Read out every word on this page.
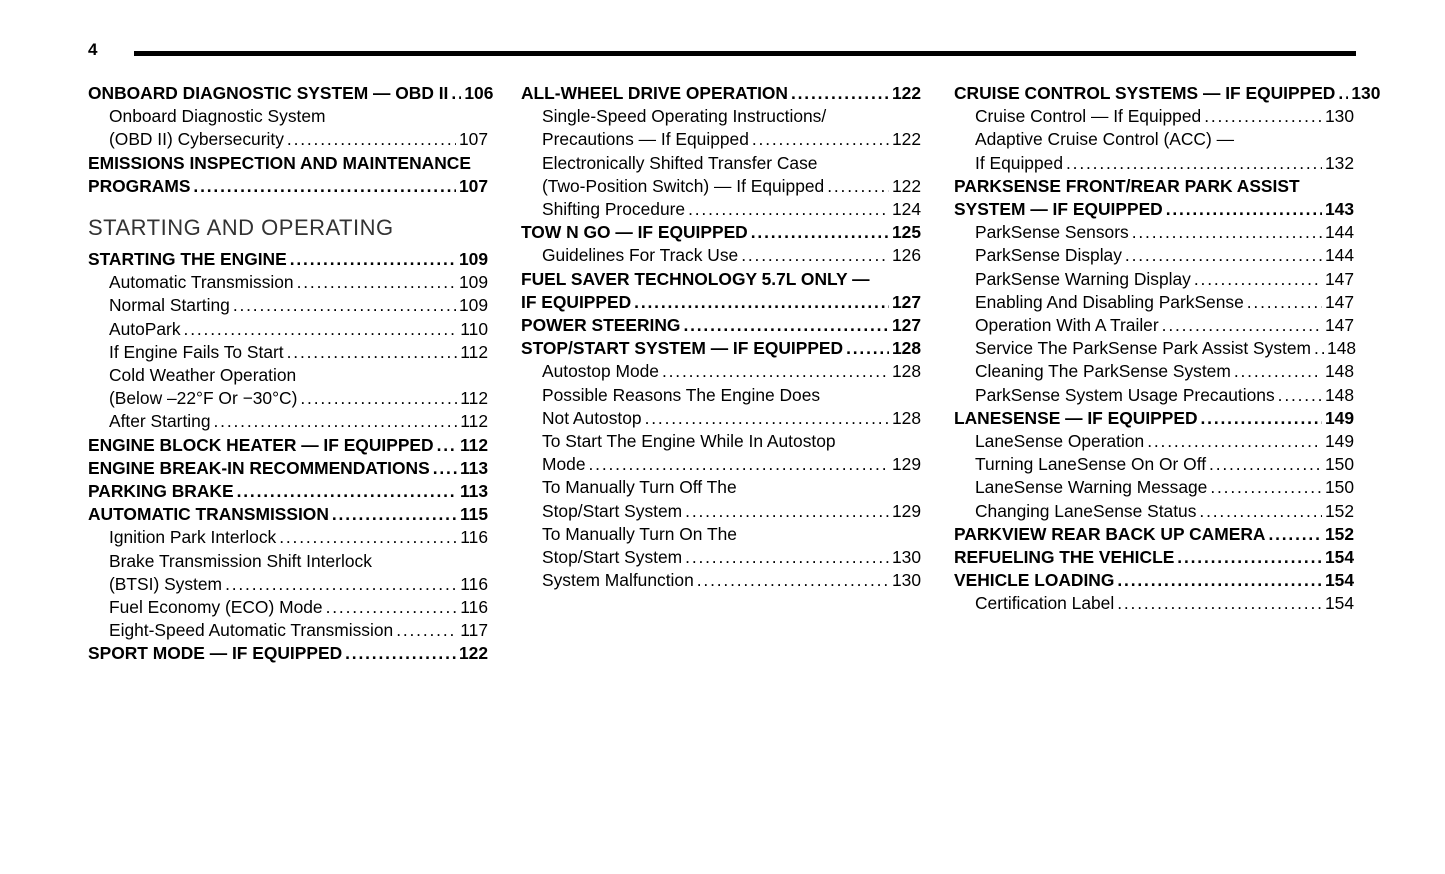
4
ONBOARD DIAGNOSTIC SYSTEM — OBD II . . . 106
Onboard Diagnostic System
(OBD II) Cybersecurity . . .	107
EMISSIONS INSPECTION AND MAINTENANCE
PROGRAMS . . .	107
STARTING AND OPERATING
STARTING THE ENGINE . . .	109
Automatic Transmission . . .	109
Normal Starting . . .	109
AutoPark . . .	110
If Engine Fails To Start . . .	112
Cold Weather Operation
(Below –22°F Or −30°C) . . .	112
After Starting . . .	112
ENGINE BLOCK HEATER — IF EQUIPPED . . . 112
ENGINE BREAK-IN RECOMMENDATIONS . . . 113
PARKING BRAKE . . .	113
AUTOMATIC TRANSMISSION . . .	115
Ignition Park Interlock . . .	116
Brake Transmission Shift Interlock
(BTSI) System . . .	116
Fuel Economy (ECO) Mode . . .	116
Eight-Speed Automatic Transmission . . .	117
SPORT MODE — IF EQUIPPED . . .	122
ALL-WHEEL DRIVE OPERATION . . .	122
Single-Speed Operating Instructions/
Precautions — If Equipped . . .	122
Electronically Shifted Transfer Case
(Two-Position Switch) — If Equipped . . .	122
Shifting Procedure . . .	124
TOW N GO — IF EQUIPPED . . .	125
Guidelines For Track Use . . .	126
FUEL SAVER TECHNOLOGY 5.7L ONLY —
IF EQUIPPED . . .	127
POWER STEERING . . .	127
STOP/START SYSTEM — IF EQUIPPED . . .	128
Autostop Mode . . .	128
Possible Reasons The Engine Does
Not Autostop . . .	128
To Start The Engine While In Autostop
Mode . . .	129
To Manually Turn Off The
Stop/Start System . . .	129
To Manually Turn On The
Stop/Start System . . .	130
System Malfunction . . .	130
CRUISE CONTROL SYSTEMS — IF EQUIPPED . . . 130
Cruise Control — If Equipped . . .	130
Adaptive Cruise Control (ACC) —
If Equipped . . .	132
PARKSENSE FRONT/REAR PARK ASSIST
SYSTEM — IF EQUIPPED . . .	143
ParkSense Sensors . . .	144
ParkSense Display . . .	144
ParkSense Warning Display . . .	147
Enabling And Disabling ParkSense . . .	147
Operation With A Trailer . . .	147
Service The ParkSense Park Assist System . . . 148
Cleaning The ParkSense System . . .	148
ParkSense System Usage Precautions . . .	148
LANESENSE — IF EQUIPPED . . .	149
LaneSense Operation . . .	149
Turning LaneSense On Or Off . . .	150
LaneSense Warning Message . . .	150
Changing LaneSense Status . . .	152
PARKVIEW REAR BACK UP CAMERA . . .	152
REFUELING THE VEHICLE . . .	154
VEHICLE LOADING . . .	154
Certification Label . . .	154
